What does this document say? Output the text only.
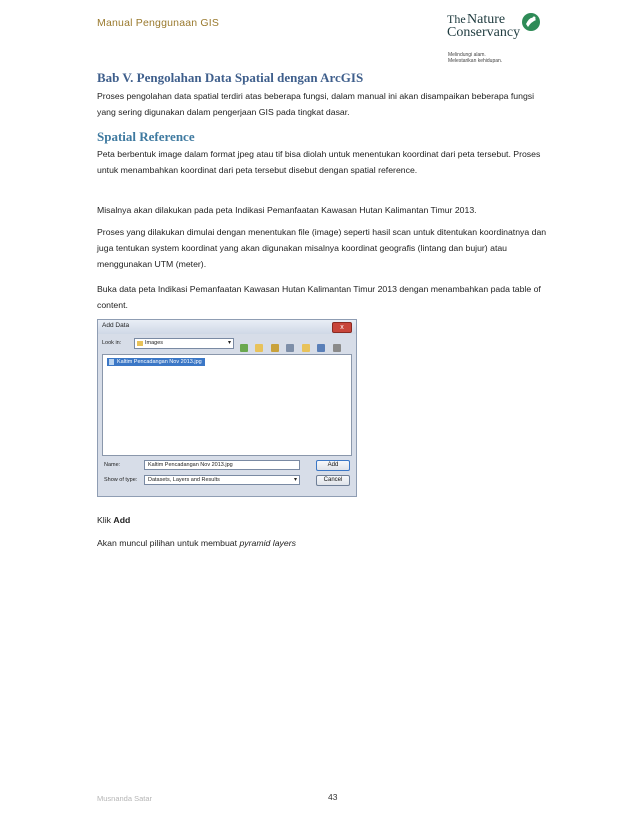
Manual Penggunaan GIS	The Nature
Conservancy
Melindungi alam.
Melestarikan kehidupan.
Bab V. Pengolahan Data Spatial dengan ArcGIS

Proses pengolahan data spatial terdiri atas beberapa fungsi, dalam manual ini akan disampaikan beberapa fungsi yang sering digunakan dalam pengerjaan GIS pada tingkat dasar.

Spatial Reference

Peta berbentuk image dalam format jpeg atau tif bisa diolah untuk menentukan koordinat dari peta tersebut. Proses untuk menambahkan koordinat dari peta tersebut disebut dengan spatial reference.

Misalnya akan dilakukan pada peta Indikasi Pemanfaatan Kawasan Hutan Kalimantan Timur 2013.

Proses yang dilakukan dimulai dengan menentukan file (image) seperti hasil scan untuk ditentukan koordinatnya dan juga tentukan system koordinat yang akan digunakan misalnya koordinat geografis (lintang dan bujur) atau menggunakan UTM (meter).

Buka data peta Indikasi Pemanfaatan Kawasan Hutan Kalimantan Timur 2013 dengan menambahkan pada table of content.

Add Data	x
Look in:	Images	▾

Kaltim Pencadangan Nov 2013.jpg
Name:	Kaltim Pencadangan Nov 2013.jpg
Show of type:	Datasets, Layers and Results	▾
Add
Cancel

Klik Add

Akan muncul pilihan untuk membuat pyramid layers

Musnanda Satar	43
